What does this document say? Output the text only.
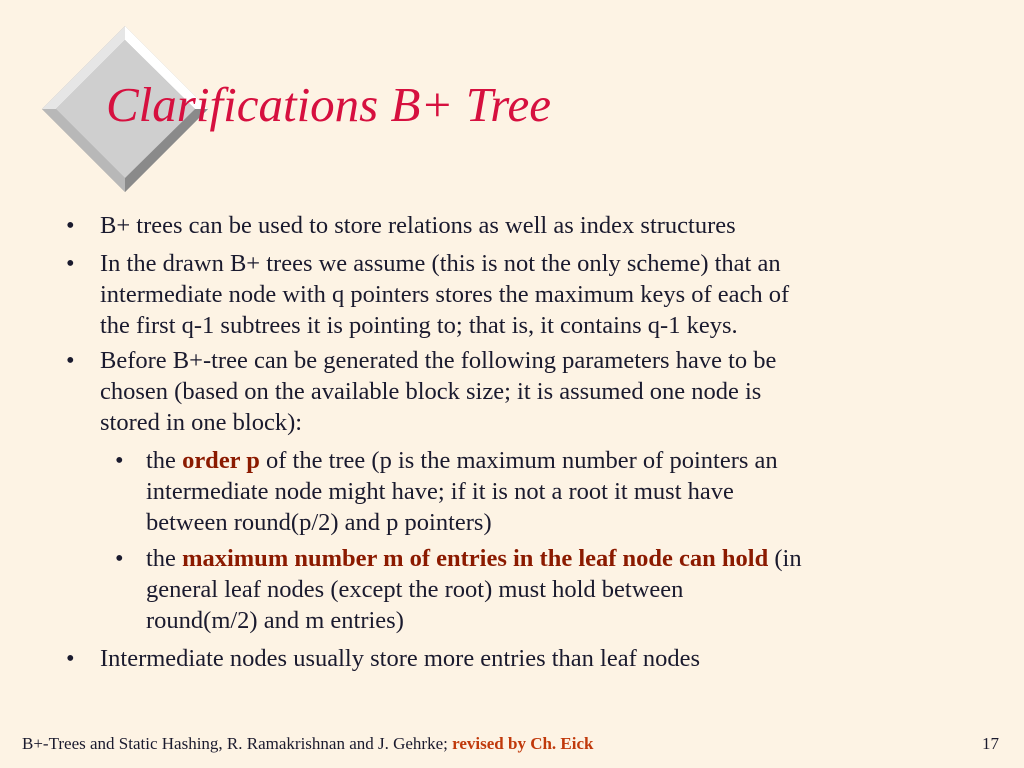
Clarifications B+ Tree
• B+ trees can be used to store relations as well as index structures
• In the drawn B+ trees we assume (this is not the only scheme) that an
intermediate node with q pointers stores the maximum keys of each of
the first q-1 subtrees it is pointing to; that is, it contains q-1 keys.
• Before B+-tree can be generated the following parameters have to be
chosen (based on the available block size; it is assumed one node is
stored in one block):
• the order p of the tree (p is the maximum number of pointers an
intermediate node might have; if it is not a root it must have
between round(p/2) and p pointers)
• the maximum number m of entries in the leaf node can hold (in
general leaf nodes (except the root) must hold between
round(m/2) and m entries)
• Intermediate nodes usually store more entries than leaf nodes
B+-Trees and Static Hashing, R. Ramakrishnan and J. Gehrke; revised by Ch. Eick	17
